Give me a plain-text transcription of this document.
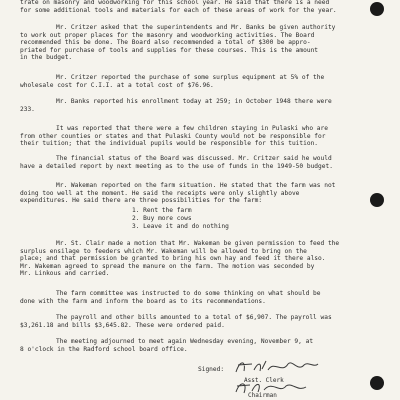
trate on masonry and woodworking for this school year. He said that there is a need
for some additional tools and materials for each of these areas of work for the year.

Mr. Critzer asked that the superintendents and Mr. Banks be given authority
to work out proper places for the masonry and woodworking activities. The Board
recommended this be done. The Board also recommended a total of $300 be appro-
priated for purchase of tools and supplies for these courses. This is the amount
in the budget.

Mr. Critzer reported the purchase of some surplus equipment at 5% of the
wholesale cost for C.I.I. at a total cost of $76.96.

Mr. Banks reported his enrollment today at 259; in October 1948 there were
233.

It was reported that there were a few children staying in Pulaski who are
from other counties or states and that Pulaski County would not be responsible for
their tuition; that the individual pupils would be responsible for this tuition.

The financial status of the Board was discussed. Mr. Critzer said he would
have a detailed report by next meeting as to the use of funds in the 1949-50 budget.

Mr. Wakeman reported on the farm situation. He stated that the farm was not
doing too well at the moment. He said the receipts were only slightly above
expenditures. He said there are three possibilities for the farm:

1. Rent the farm
2. Buy more cows
3. Leave it and do nothing

Mr. St. Clair made a motion that Mr. Wakeman be given permission to feed the
surplus ensilage to feeders which Mr. Wakeman will be allowed to bring on the
place; and that permission be granted to bring his own hay and feed it there also.
Mr. Wakeman agreed to spread the manure on the farm. The motion was seconded by
Mr. Linkous and carried.

The farm committee was instructed to do some thinking on what should be
done with the farm and inform the board as to its recommendations.

The payroll and other bills amounted to a total of $6,907. The payroll was
$3,261.18 and bills $3,645.82. These were ordered paid.

The meeting adjourned to meet again Wednesday evening, November 9, at
8 o'clock in the Radford school board office.

Signed:
Asst. Clerk
Chairman
